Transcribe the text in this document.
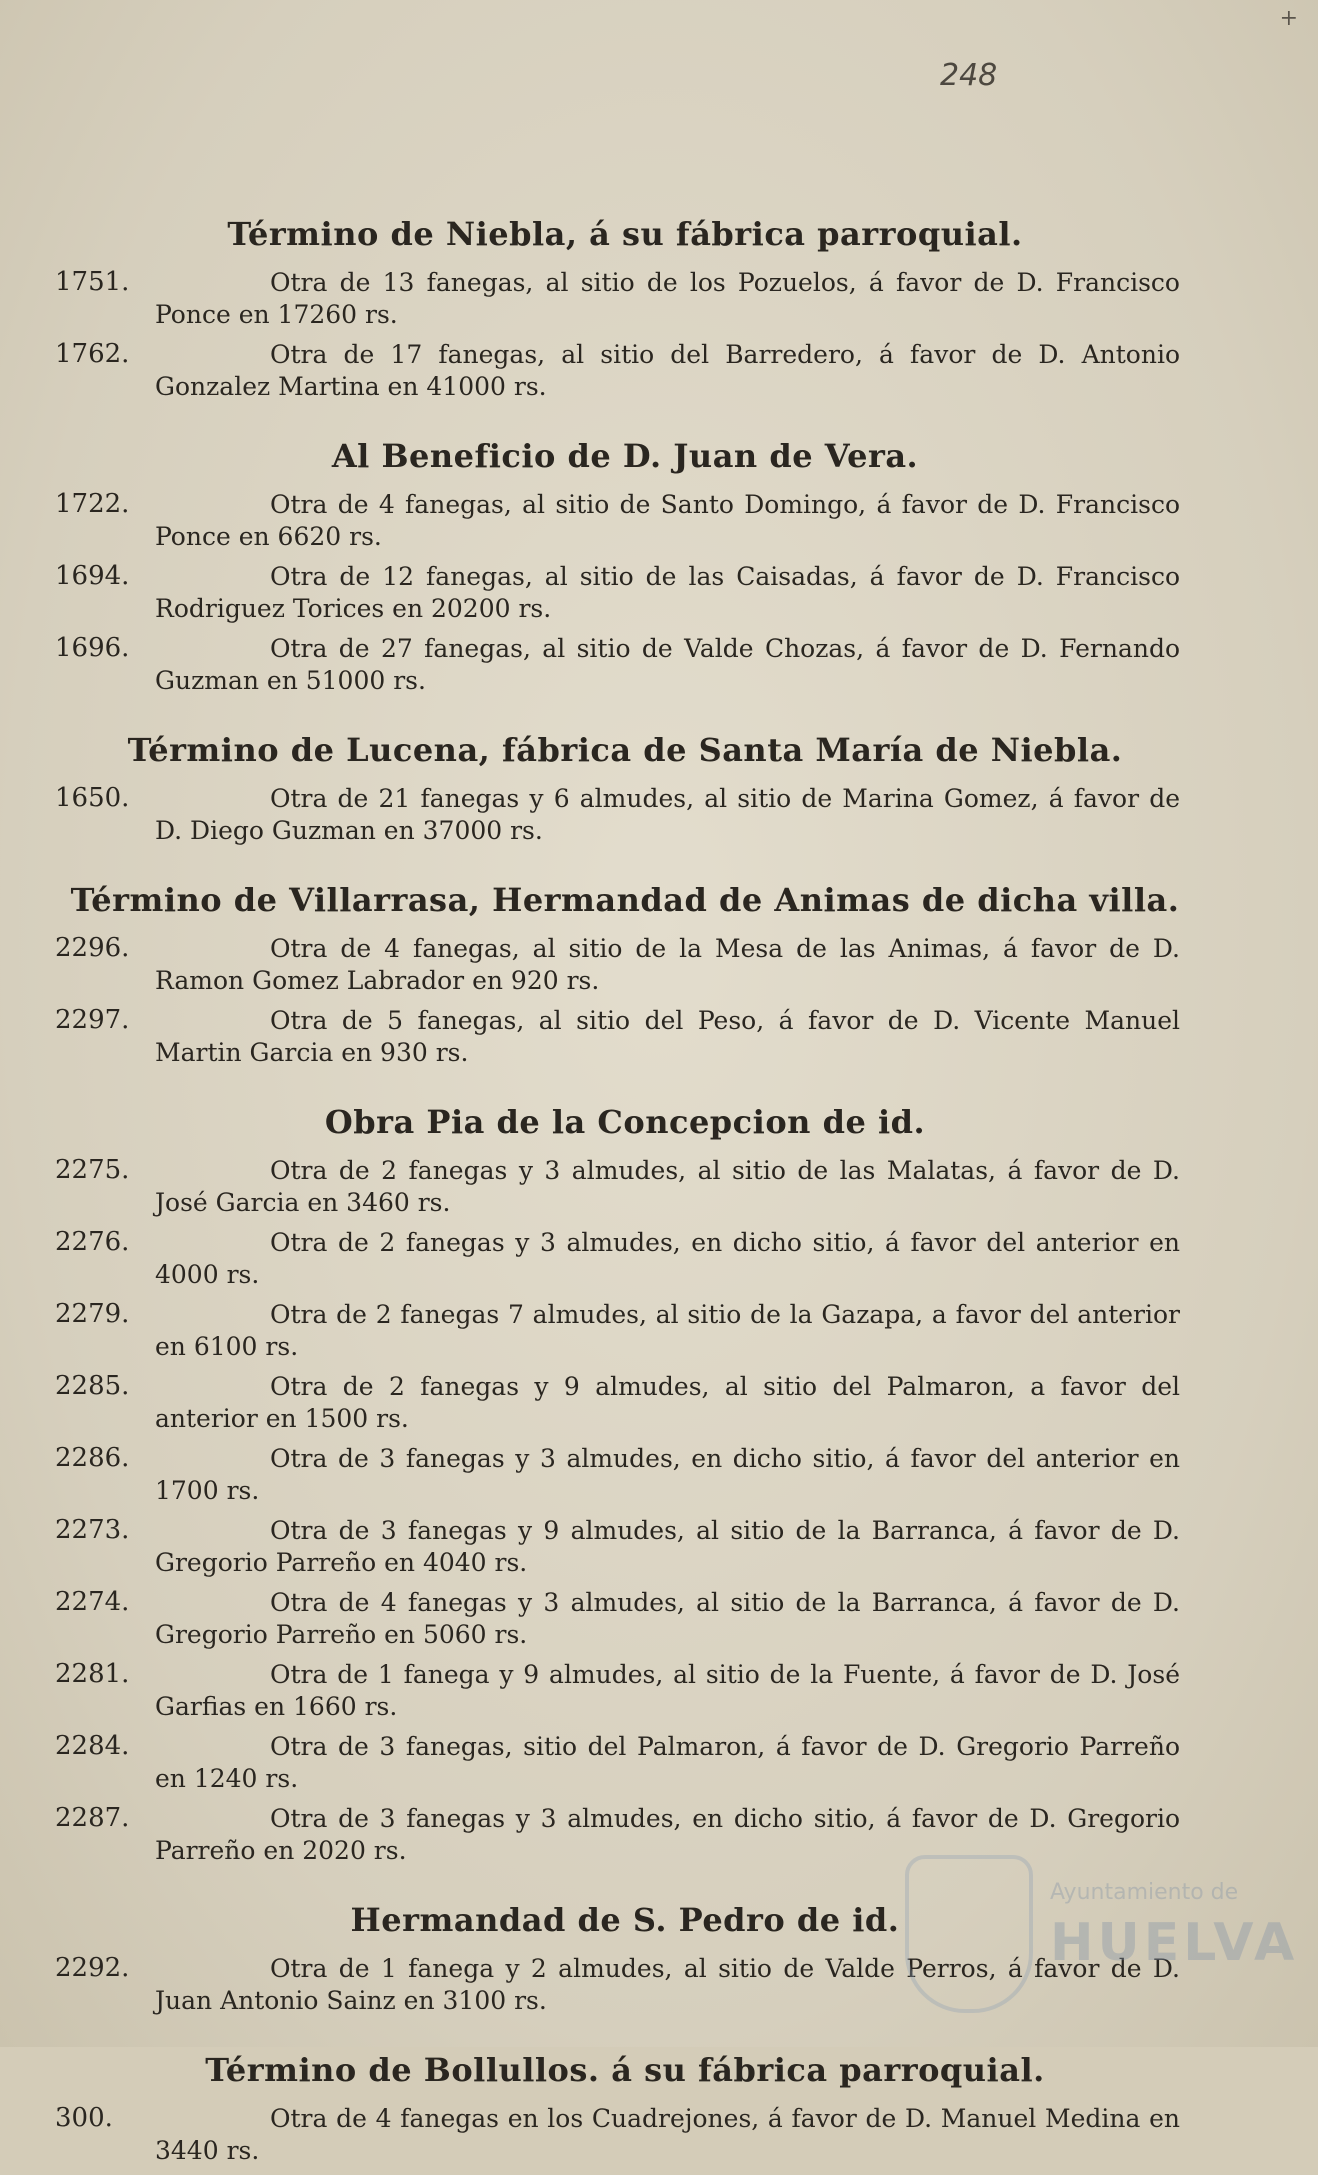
+
248
Término de Niebla, á su fábrica parroquial.
1751.	Otra de 13 fanegas, al sitio de los Pozuelos, á favor de D. Francisco Ponce en 17260 rs.
1762.	Otra de 17 fanegas, al sitio del Barredero, á favor de D. Antonio Gonzalez Martina en 41000 rs.
Al Beneficio de D. Juan de Vera.
1722.	Otra de 4 fanegas, al sitio de Santo Domingo, á favor de D. Francisco Ponce en 6620 rs.
1694.	Otra de 12 fanegas, al sitio de las Caisadas, á favor de D. Francisco Rodriguez Torices en 20200 rs.
1696.	Otra de 27 fanegas, al sitio de Valde Chozas, á favor de D. Fernando Guzman en 51000 rs.
Término de Lucena, fábrica de Santa María de Niebla.
1650.	Otra de 21 fanegas y 6 almudes, al sitio de Marina Gomez, á favor de D. Diego Guzman en 37000 rs.
Término de Villarrasa, Hermandad de Animas de dicha villa.
2296.	Otra de 4 fanegas, al sitio de la Mesa de las Animas, á favor de D. Ramon Gomez Labrador en 920 rs.
2297.	Otra de 5 fanegas, al sitio del Peso, á favor de D. Vicente Manuel Martin Garcia en 930 rs.
Obra Pia de la Concepcion de id.
2275.	Otra de 2 fanegas y 3 almudes, al sitio de las Malatas, á favor de D. José Garcia en 3460 rs.
2276.	Otra de 2 fanegas y 3 almudes, en dicho sitio, á favor del anterior en 4000 rs.
2279.	Otra de 2 fanegas 7 almudes, al sitio de la Gazapa, a favor del anterior en 6100 rs.
2285.	Otra de 2 fanegas y 9 almudes, al sitio del Palmaron, a favor del anterior en 1500 rs.
2286.	Otra de 3 fanegas y 3 almudes, en dicho sitio, á favor del anterior en 1700 rs.
2273.	Otra de 3 fanegas y 9 almudes, al sitio de la Barranca, á favor de D. Gregorio Parreño en 4040 rs.
2274.	Otra de 4 fanegas y 3 almudes, al sitio de la Barranca, á favor de D. Gregorio Parreño en 5060 rs.
2281.	Otra de 1 fanega y 9 almudes, al sitio de la Fuente, á favor de D. José Garfias en 1660 rs.
2284.	Otra de 3 fanegas, sitio del Palmaron, á favor de D. Gregorio Parreño en 1240 rs.
2287.	Otra de 3 fanegas y 3 almudes, en dicho sitio, á favor de D. Gregorio Parreño en 2020 rs.
Hermandad de S. Pedro de id.
2292.	Otra de 1 fanega y 2 almudes, al sitio de Valde Perros, á favor de D. Juan Antonio Sainz en 3100 rs.
Término de Bollullos. á su fábrica parroquial.
300.	Otra de 4 fanegas en los Cuadrejones, á favor de D. Manuel Medina en 3440 rs.
Ayuntamiento de
HUELVA
